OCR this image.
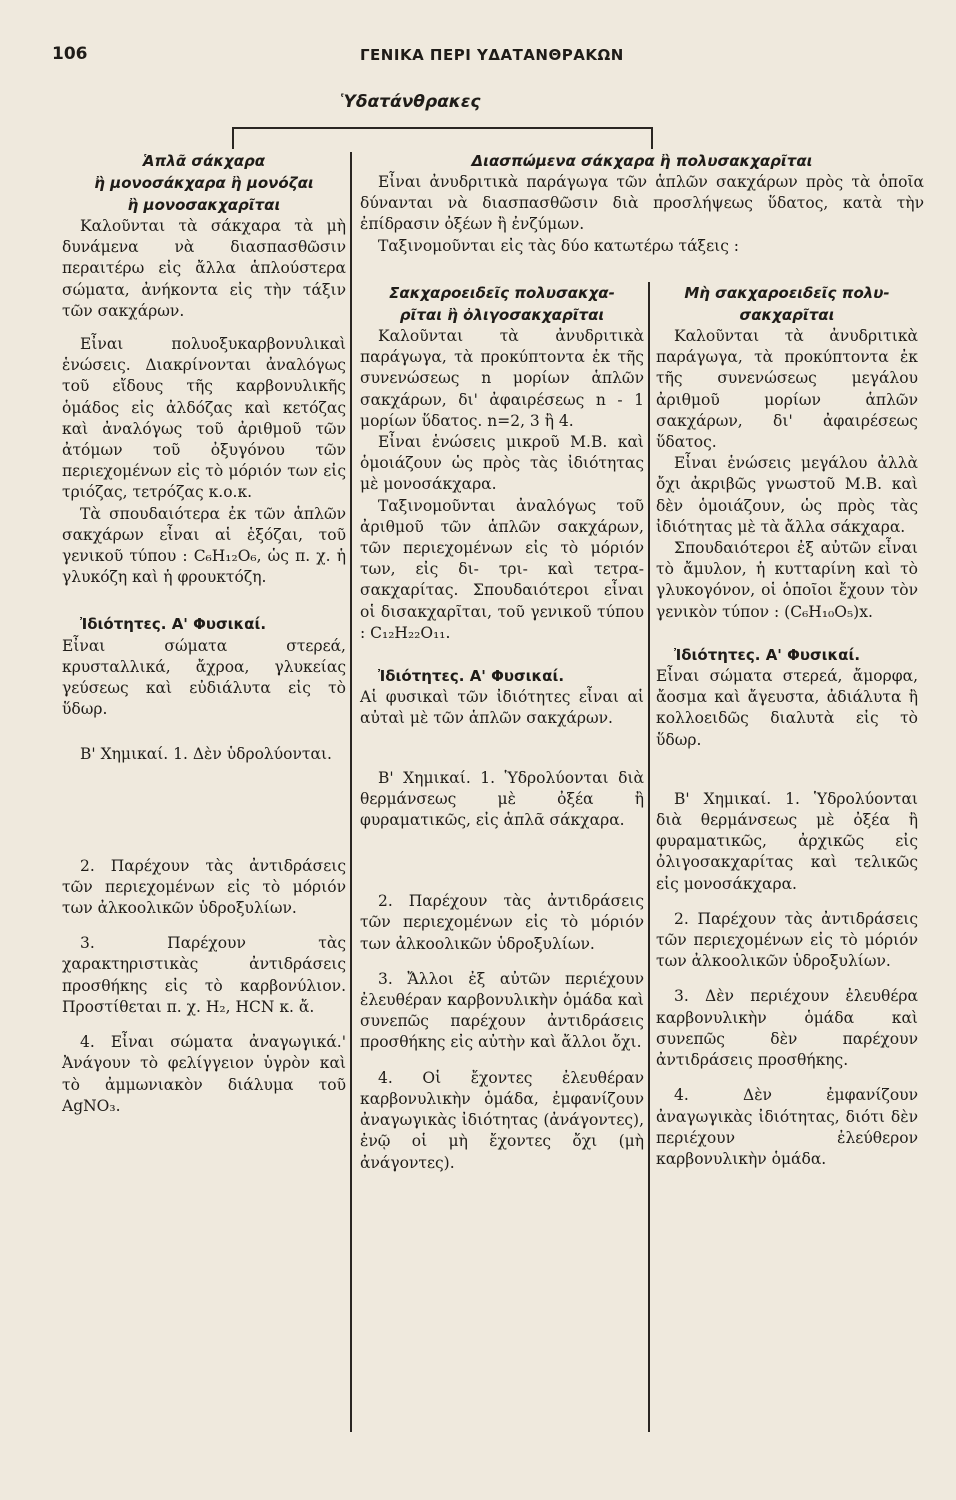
106	ΓΕΝΙΚΑ ΠΕΡΙ ΥΔΑΤΑΝΘΡΑΚΩΝ
Ὑδατάνθρακες
Ἁπλᾶ σάκχαρα
ἢ μονοσάκχαρα ἢ μονόζαι
ἢ μονοσακχαρῖται

Καλοῦνται τὰ σάκχαρα τὰ μὴ δυνάμενα νὰ διασπασθῶσιν περαιτέρω εἰς ἄλλα ἁπλούστερα σώματα, ἀνήκοντα εἰς τὴν τάξιν τῶν σακχάρων.

Εἶναι πολυοξυκαρβονυλικαὶ ἑνώσεις. Διακρίνονται ἀναλόγως τοῦ εἴδους τῆς καρβονυλικῆς ὁμάδος εἰς ἀλδόζας καὶ κετόζας καὶ ἀναλόγως τοῦ ἀριθμοῦ τῶν ἀτόμων τοῦ ὀξυγόνου τῶν περιεχομένων εἰς τὸ μόριόν των εἰς τριόζας, τετρόζας κ.ο.κ.

Τὰ σπουδαιότερα ἐκ τῶν ἁπλῶν σακχάρων εἶναι αἱ ἑξόζαι, τοῦ γενικοῦ τύπου : C₆H₁₂O₆, ὡς π. χ. ἡ γλυκόζη καὶ ἡ φρουκτόζη.

Ἰδιότητες. Α' Φυσικαί.

Εἶναι σώματα στερεά, κρυσταλλικά, ἄχροα, γλυκείας γεύσεως καὶ εὐδιάλυτα εἰς τὸ ὕδωρ.

Β' Χημικαί. 1. Δὲν ὑδρολύονται.

2. Παρέχουν τὰς ἀντιδράσεις τῶν περιεχομένων εἰς τὸ μόριόν των ἀλκοολικῶν ὑδροξυλίων.

3. Παρέχουν τὰς χαρακτηριστικὰς ἀντιδράσεις προσθήκης εἰς τὸ καρβονύλιον. Προστίθεται π. χ. H₂, HCN κ. ἄ.

4. Εἶναι σώματα ἀναγωγικά.' Ἀνάγουν τὸ φελίγγειον ὑγρὸν καὶ τὸ ἀμμωνιακὸν διάλυμα τοῦ AgNO₃.

Διασπώμενα σάκχαρα ἢ πολυσακχαρῖται

Εἶναι ἀνυδριτικὰ παράγωγα τῶν ἁπλῶν σακχάρων πρὸς τὰ ὁποῖα δύνανται νὰ διασπασθῶσιν διὰ προσλήψεως ὕδατος, κατὰ τὴν ἐπίδρασιν ὀξέων ἢ ἐνζύμων.

Ταξινομοῦνται εἰς τὰς δύο κατωτέρω τάξεις :

Σακχαροειδεῖς πολυσακχα-
ρῖται ἢ ὀλιγοσακχαρῖται

Καλοῦνται τὰ ἀνυδριτικὰ παράγωγα, τὰ προκύπτοντα ἐκ τῆς συνενώσεως n μορίων ἁπλῶν σακχάρων, δι' ἀφαιρέσεως n - 1 μορίων ὕδατος. n=2, 3 ἢ 4.

Εἶναι ἑνώσεις μικροῦ Μ.Β. καὶ ὁμοιάζουν ὡς πρὸς τὰς ἰδιότητας μὲ μονοσάκχαρα.

Ταξινομοῦνται ἀναλόγως τοῦ ἀριθμοῦ τῶν ἁπλῶν σακχάρων, τῶν περιεχομένων εἰς τὸ μόριόν των, εἰς δι- τρι- καὶ τετρα-σακχαρίτας. Σπουδαιότεροι εἶναι οἱ δισακχαρῖται, τοῦ γενικοῦ τύπου : C₁₂H₂₂O₁₁.

Ἰδιότητες. Α' Φυσικαί.

Αἱ φυσικαὶ τῶν ἰδιότητες εἶναι αἱ αὐταὶ μὲ τῶν ἁπλῶν σακχάρων.

Β' Χημικαί. 1. Ὑδρολύονται διὰ θερμάνσεως μὲ ὀξέα ἢ φυραματικῶς, εἰς ἁπλᾶ σάκχαρα.

2. Παρέχουν τὰς ἀντιδράσεις τῶν περιεχομένων εἰς τὸ μόριόν των ἀλκοολικῶν ὑδροξυλίων.

3. Ἄλλοι ἐξ αὐτῶν περιέχουν ἐλευθέραν καρβονυλικὴν ὁμάδα καὶ συνεπῶς παρέχουν ἀντιδράσεις προσθήκης εἰς αὐτὴν καὶ ἄλλοι ὄχι.

4. Οἱ ἔχοντες ἐλευθέραν καρβονυλικὴν ὁμάδα, ἐμφανίζουν ἀναγωγικὰς ἰδιότητας (ἀνάγοντες), ἐνῷ οἱ μὴ ἔχοντες ὄχι (μὴ ἀνάγοντες).

Μὴ σακχαροειδεῖς πολυ-
σακχαρῖται

Καλοῦνται τὰ ἀνυδριτικὰ παράγωγα, τὰ προκύπτοντα ἐκ τῆς συνενώσεως μεγάλου ἀριθμοῦ μορίων ἁπλῶν σακχάρων, δι' ἀφαιρέσεως ὕδατος.

Εἶναι ἑνώσεις μεγάλου ἀλλὰ ὄχι ἀκριβῶς γνωστοῦ Μ.Β. καὶ δὲν ὁμοιάζουν, ὡς πρὸς τὰς ἰδιότητας μὲ τὰ ἄλλα σάκχαρα.

Σπουδαιότεροι ἐξ αὐτῶν εἶναι τὸ ἄμυλον, ἡ κυτταρίνη καὶ τὸ γλυκογόνον, οἱ ὁποῖοι ἔχουν τὸν γενικὸν τύπον : (C₆H₁₀O₅)x.

Ἰδιότητες. Α' Φυσικαί.

Εἶναι σώματα στερεά, ἄμορφα, ἄοσμα καὶ ἄγευστα, ἀδιάλυτα ἢ κολλοειδῶς διαλυτὰ εἰς τὸ ὕδωρ.

Β' Χημικαί. 1. Ὑδρολύονται διὰ θερμάνσεως μὲ ὀξέα ἢ φυραματικῶς, ἀρχικῶς εἰς ὀλιγοσακχαρίτας καὶ τελικῶς εἰς μονοσάκχαρα.

2. Παρέχουν τὰς ἀντιδράσεις τῶν περιεχομένων εἰς τὸ μόριόν των ἀλκοολικῶν ὑδροξυλίων.

3. Δὲν περιέχουν ἐλευθέρα καρβονυλικὴν ὁμάδα καὶ συνεπῶς δὲν παρέχουν ἀντιδράσεις προσθήκης.

4. Δὲν ἐμφανίζουν ἀναγωγικὰς ἰδιότητας, διότι δὲν περιέχουν ἐλεύθερον καρβονυλικὴν ὁμάδα.
